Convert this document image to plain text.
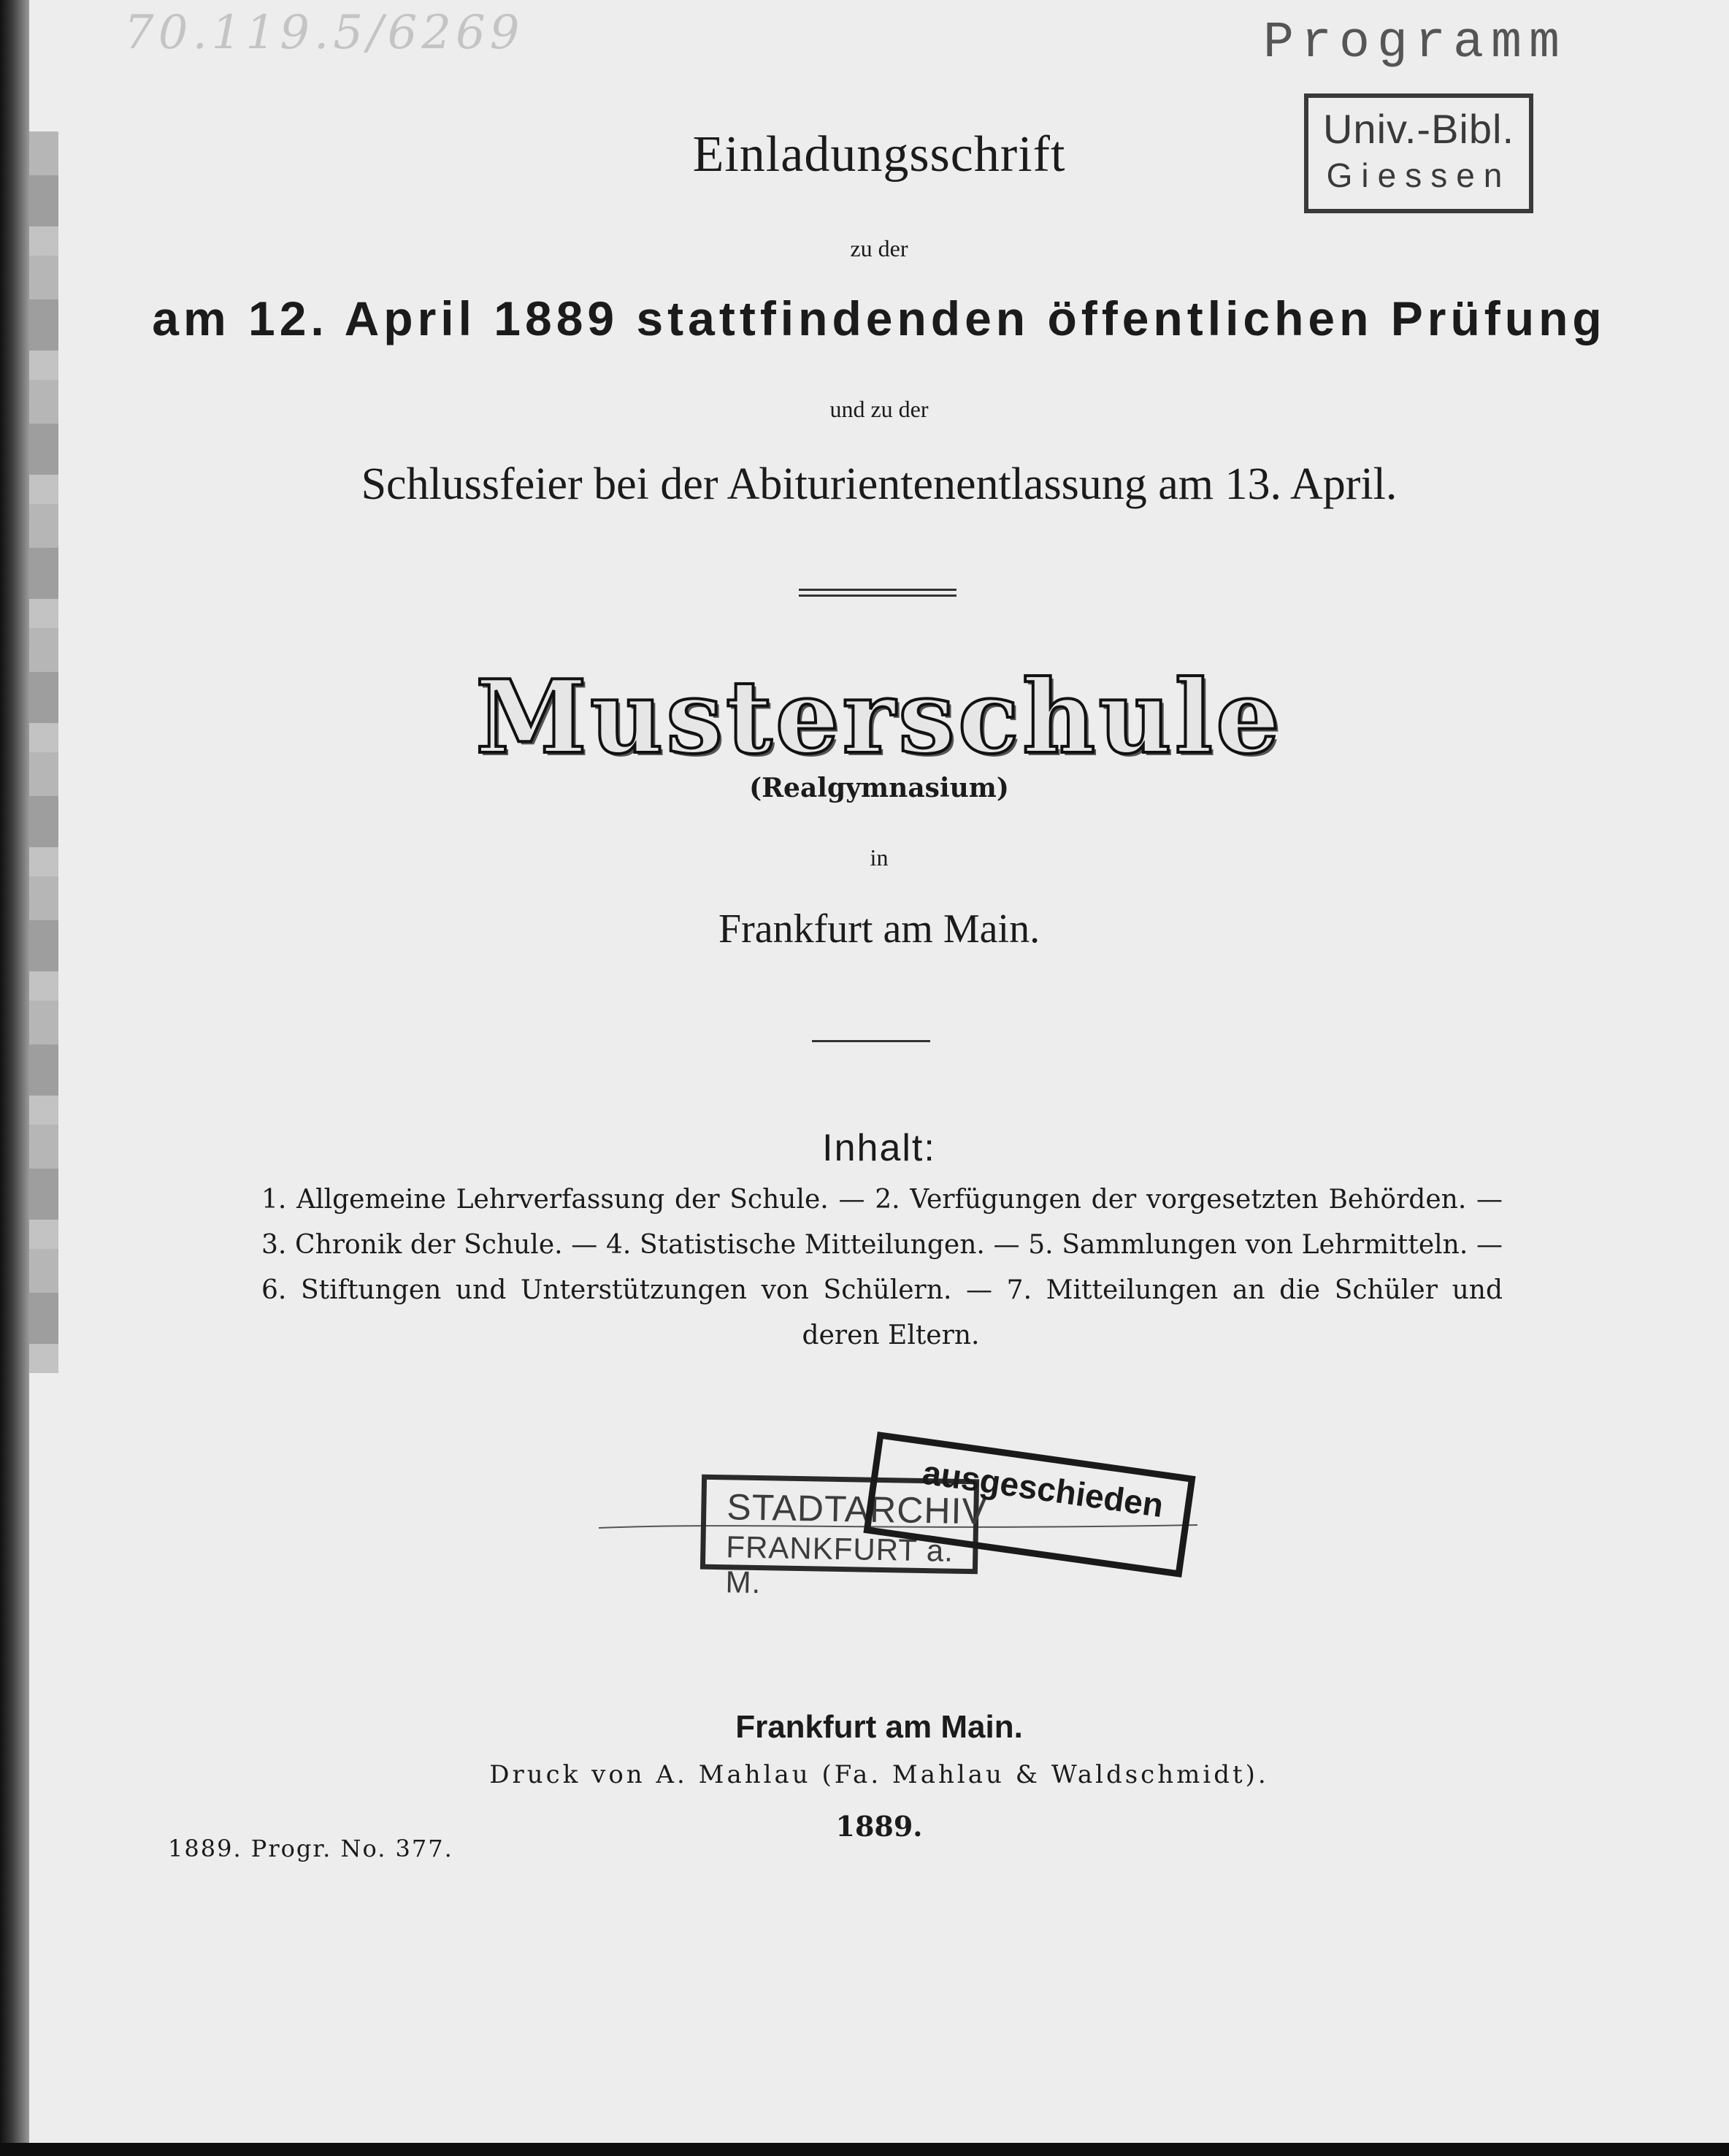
70.119.5/6269	Programm
Univ.-Bibl.
Giessen
Einladungsschrift
zu der
am 12. April 1889 stattfindenden öffentlichen Prüfung
und zu der
Schlussfeier bei der Abiturientenentlassung am 13. April.
Musterschule
(Realgymnasium)
in
Frankfurt am Main.
Inhalt:
1. Allgemeine Lehrverfassung der Schule. — 2. Verfügungen der vorgesetzten Behörden. —
3. Chronik der Schule. — 4. Statistische Mitteilungen. — 5. Sammlungen von Lehrmitteln. —
6. Stiftungen und Unterstützungen von Schülern. — 7. Mitteilungen an die Schüler und
deren Eltern.
STADTARCHIV
FRANKFURT a. M.
ausgeschieden
Frankfurt am Main.
Druck von A. Mahlau (Fa. Mahlau & Waldschmidt).
1889.
1889. Progr. No. 377.
